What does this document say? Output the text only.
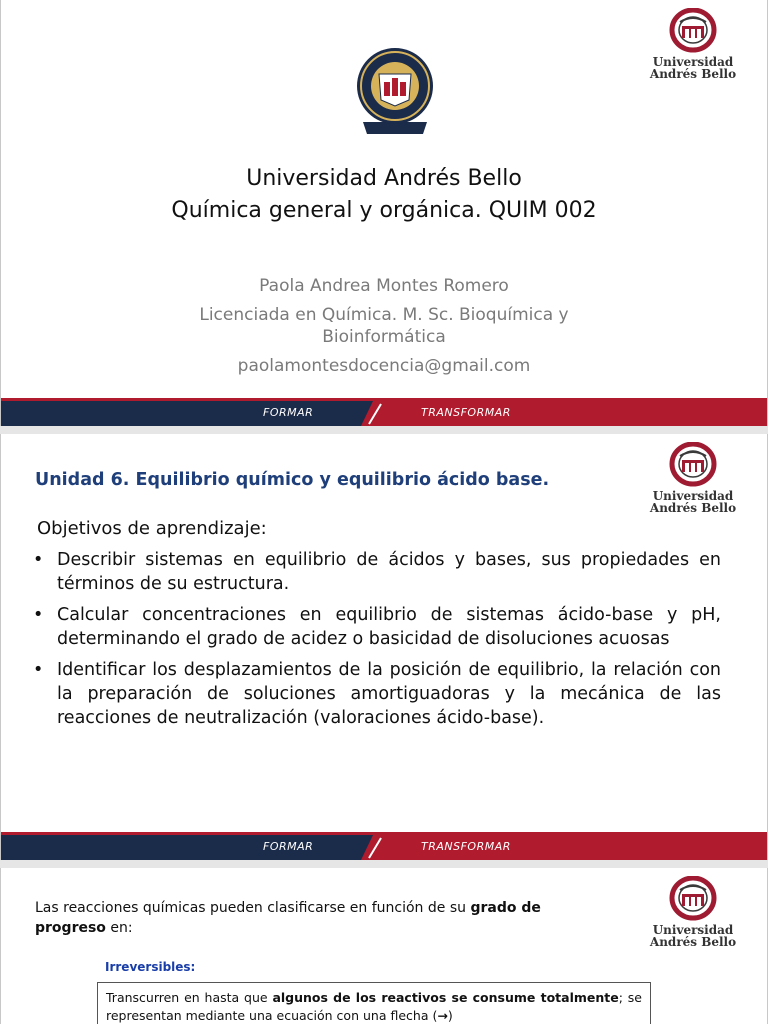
Universidad
Andrés Bello
Universidad Andrés Bello
Química general y orgánica. QUIM 002
Paola Andrea Montes Romero
Licenciada en Química. M. Sc. Bioquímica y
Bioinformática
paolamontesdocencia@gmail.com
FORMAR	TRANSFORMAR
Universidad
Andrés Bello
Unidad 6. Equilibrio químico y equilibrio ácido base.
Objetivos de aprendizaje:
• Describir sistemas en equilibrio de ácidos y bases, sus propiedades en términos de su estructura.
• Calcular concentraciones en equilibrio de sistemas ácido-base y pH, determinando el grado de acidez o basicidad de disoluciones acuosas
• Identificar los desplazamientos de la posición de equilibrio, la relación con la preparación de soluciones amortiguadoras y la mecánica de las reacciones de neutralización (valoraciones ácido-base).
FORMAR	TRANSFORMAR
Universidad
Andrés Bello
Las reacciones químicas pueden clasificarse en función de su grado de progreso en:
Irreversibles:
Transcurren en hasta que algunos de los reactivos se consume totalmente; se representan mediante una ecuación con una flecha (→)
